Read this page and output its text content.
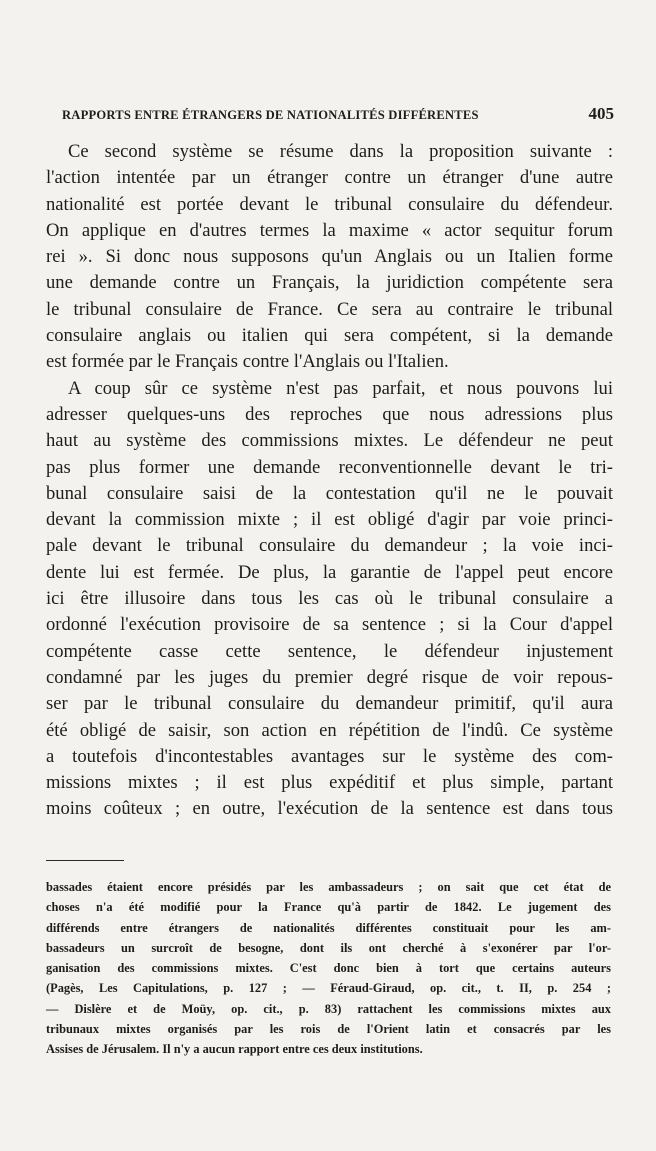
RAPPORTS ENTRE ÉTRANGERS DE NATIONALITÉS DIFFÉRENTES	405
Ce second système se résume dans la proposition suivante :
l'action intentée par un étranger contre un étranger d'une autre
nationalité est portée devant le tribunal consulaire du défendeur.
On applique en d'autres termes la maxime « actor sequitur forum
rei ». Si donc nous supposons qu'un Anglais ou un Italien forme
une demande contre un Français, la juridiction compétente sera
le tribunal consulaire de France. Ce sera au contraire le tribunal
consulaire anglais ou italien qui sera compétent, si la demande
est formée par le Français contre l'Anglais ou l'Italien.
A coup sûr ce système n'est pas parfait, et nous pouvons lui
adresser quelques-uns des reproches que nous adressions plus
haut au système des commissions mixtes. Le défendeur ne peut
pas plus former une demande reconventionnelle devant le tri-
bunal consulaire saisi de la contestation qu'il ne le pouvait
devant la commission mixte ; il est obligé d'agir par voie princi-
pale devant le tribunal consulaire du demandeur ; la voie inci-
dente lui est fermée. De plus, la garantie de l'appel peut encore
ici être illusoire dans tous les cas où le tribunal consulaire a
ordonné l'exécution provisoire de sa sentence ; si la Cour d'appel
compétente casse cette sentence, le défendeur injustement
condamné par les juges du premier degré risque de voir repous-
ser par le tribunal consulaire du demandeur primitif, qu'il aura
été obligé de saisir, son action en répétition de l'indû. Ce système
a toutefois d'incontestables avantages sur le système des com-
missions mixtes ; il est plus expéditif et plus simple, partant
moins coûteux ; en outre, l'exécution de la sentence est dans tous
bassades étaient encore présidés par les ambassadeurs ; on sait que cet état de
choses n'a été modifié pour la France qu'à partir de 1842. Le jugement des
différends entre étrangers de nationalités différentes constituait pour les am-
bassadeurs un surcroît de besogne, dont ils ont cherché à s'exonérer par l'or-
ganisation des commissions mixtes. C'est donc bien à tort que certains auteurs
(Pagès, Les Capitulations, p. 127 ; — Féraud-Giraud, op. cit., t. II, p. 254 ;
— Dislère et de Moüy, op. cit., p. 83) rattachent les commissions mixtes aux
tribunaux mixtes organisés par les rois de l'Orient latin et consacrés par les
Assises de Jérusalem. Il n'y a aucun rapport entre ces deux institutions.
